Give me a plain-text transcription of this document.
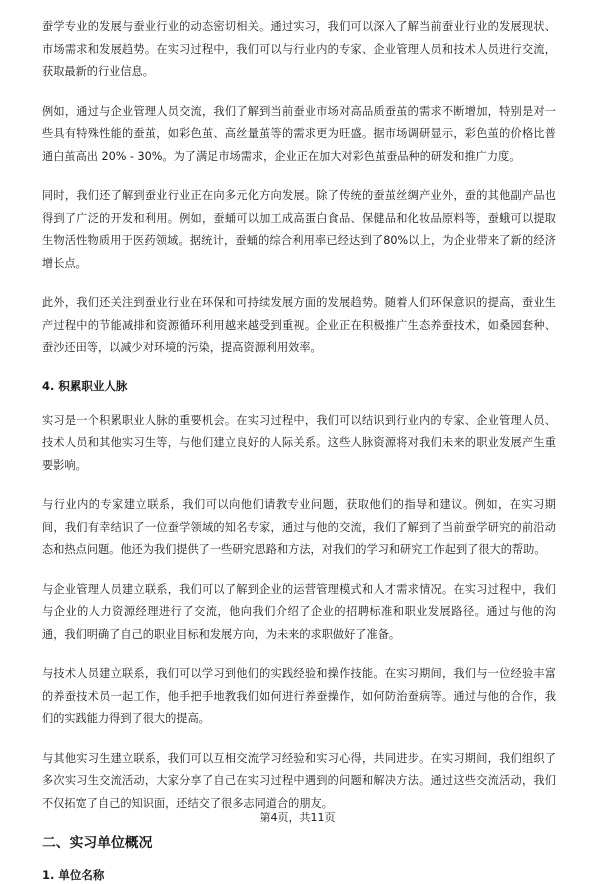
蚕学专业的发展与蚕业行业的动态密切相关。通过实习，我们可以深入了解当前蚕业行业的发展现状、市场需求和发展趋势。在实习过程中，我们可以与行业内的专家、企业管理人员和技术人员进行交流，获取最新的行业信息。

例如，通过与企业管理人员交流，我们了解到当前蚕业市场对高品质蚕茧的需求不断增加，特别是对一些具有特殊性能的蚕茧，如彩色茧、高丝量茧等的需求更为旺盛。据市场调研显示，彩色茧的价格比普通白茧高出 20% - 30%。为了满足市场需求，企业正在加大对彩色茧蚕品种的研发和推广力度。

同时，我们还了解到蚕业行业正在向多元化方向发展。除了传统的蚕茧丝绸产业外，蚕的其他副产品也得到了广泛的开发和利用。例如，蚕蛹可以加工成高蛋白食品、保健品和化妆品原料等，蚕蛾可以提取生物活性物质用于医药领域。据统计，蚕蛹的综合利用率已经达到了80%以上，为企业带来了新的经济增长点。

此外，我们还关注到蚕业行业在环保和可持续发展方面的发展趋势。随着人们环保意识的提高，蚕业生产过程中的节能减排和资源循环利用越来越受到重视。企业正在积极推广生态养蚕技术，如桑园套种、蚕沙还田等，以减少对环境的污染，提高资源利用效率。

4. 积累职业人脉

实习是一个积累职业人脉的重要机会。在实习过程中，我们可以结识到行业内的专家、企业管理人员、技术人员和其他实习生等，与他们建立良好的人际关系。这些人脉资源将对我们未来的职业发展产生重要影响。

与行业内的专家建立联系，我们可以向他们请教专业问题，获取他们的指导和建议。例如，在实习期间，我们有幸结识了一位蚕学领域的知名专家，通过与他的交流，我们了解到了当前蚕学研究的前沿动态和热点问题。他还为我们提供了一些研究思路和方法，对我们的学习和研究工作起到了很大的帮助。

与企业管理人员建立联系，我们可以了解到企业的运营管理模式和人才需求情况。在实习过程中，我们与企业的人力资源经理进行了交流，他向我们介绍了企业的招聘标准和职业发展路径。通过与他的沟通，我们明确了自己的职业目标和发展方向，为未来的求职做好了准备。

与技术人员建立联系，我们可以学习到他们的实践经验和操作技能。在实习期间，我们与一位经验丰富的养蚕技术员一起工作，他手把手地教我们如何进行养蚕操作，如何防治蚕病等。通过与他的合作，我们的实践能力得到了很大的提高。

与其他实习生建立联系，我们可以互相交流学习经验和实习心得，共同进步。在实习期间，我们组织了多次实习生交流活动，大家分享了自己在实习过程中遇到的问题和解决方法。通过这些交流活动，我们不仅拓宽了自己的知识面，还结交了很多志同道合的朋友。

二、实习单位概况
1. 单位名称
第4页，共11页
